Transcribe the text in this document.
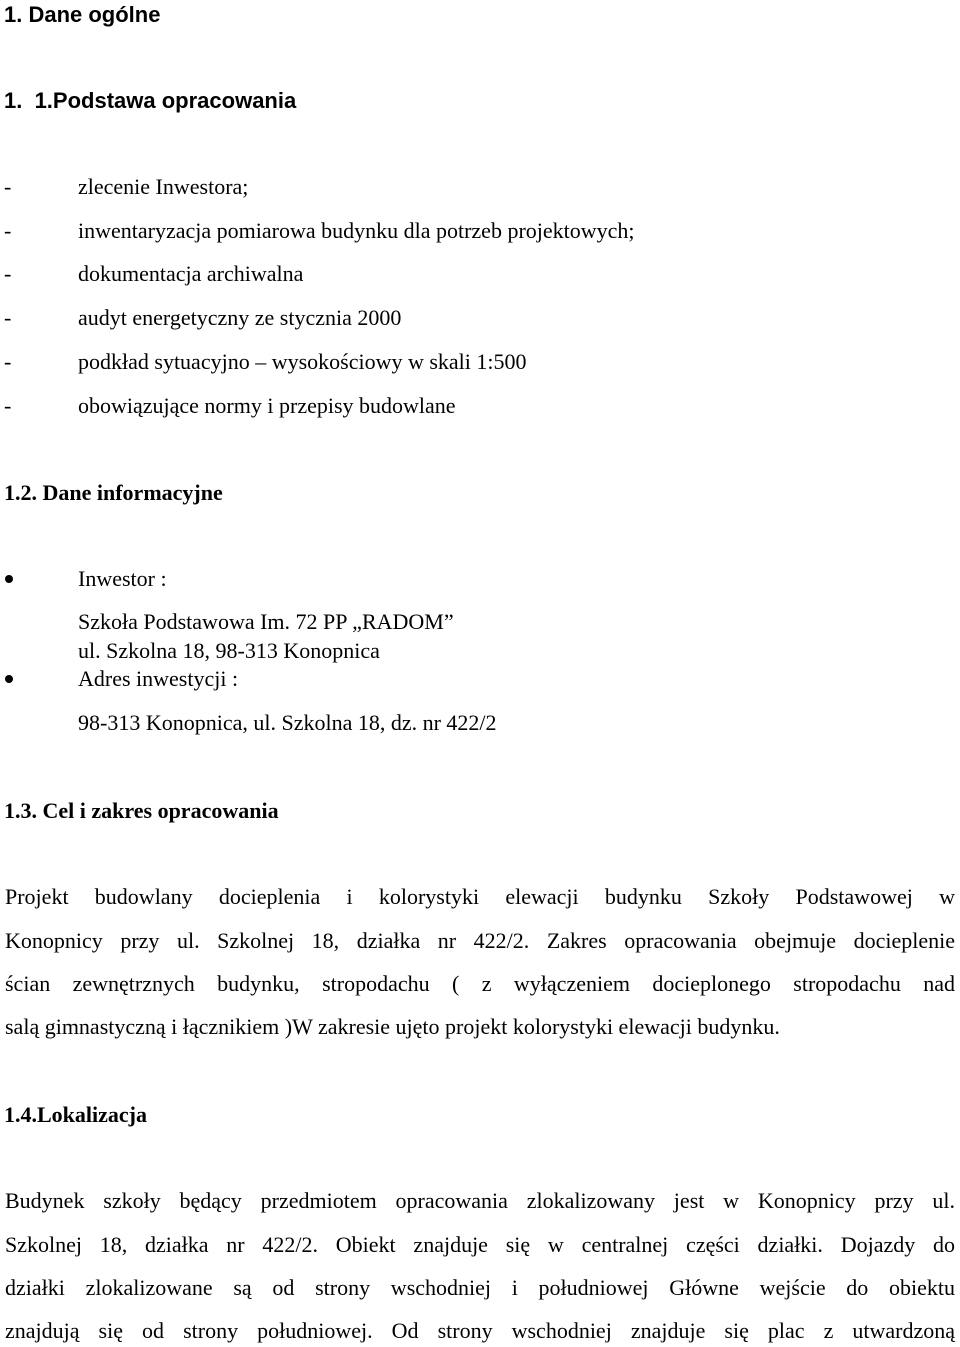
1. Dane ogólne
1.  1.Podstawa opracowania
-	zlecenie Inwestora;
-	inwentaryzacja pomiarowa budynku dla potrzeb projektowych;
-	dokumentacja archiwalna
-	audyt energetyczny ze stycznia 2000
-	podkład sytuacyjno – wysokościowy w skali 1:500
-	obowiązujące normy i przepisy budowlane
1.2. Dane informacyjne
Inwestor :
Szkoła Podstawowa Im. 72 PP „RADOM”
ul. Szkolna 18, 98-313 Konopnica
Adres inwestycji :
98-313 Konopnica, ul. Szkolna 18, dz. nr 422/2
1.3. Cel i zakres opracowania
Projekt budowlany docieplenia i kolorystyki elewacji budynku Szkoły Podstawowej w
Konopnicy przy ul. Szkolnej 18, działka nr 422/2. Zakres opracowania obejmuje docieplenie
ścian zewnętrznych budynku, stropodachu ( z wyłączeniem docieplonego stropodachu nad
salą gimnastyczną i łącznikiem )W zakresie ujęto projekt kolorystyki elewacji budynku.
1.4.Lokalizacja
Budynek szkoły będący przedmiotem opracowania zlokalizowany jest w Konopnicy przy ul.
Szkolnej 18, działka nr 422/2. Obiekt znajduje się w centralnej części działki. Dojazdy do
działki zlokalizowane są od strony wschodniej i południowej Główne wejście do obiektu
znajdują się od strony południowej. Od strony wschodniej znajduje się plac z utwardzoną
